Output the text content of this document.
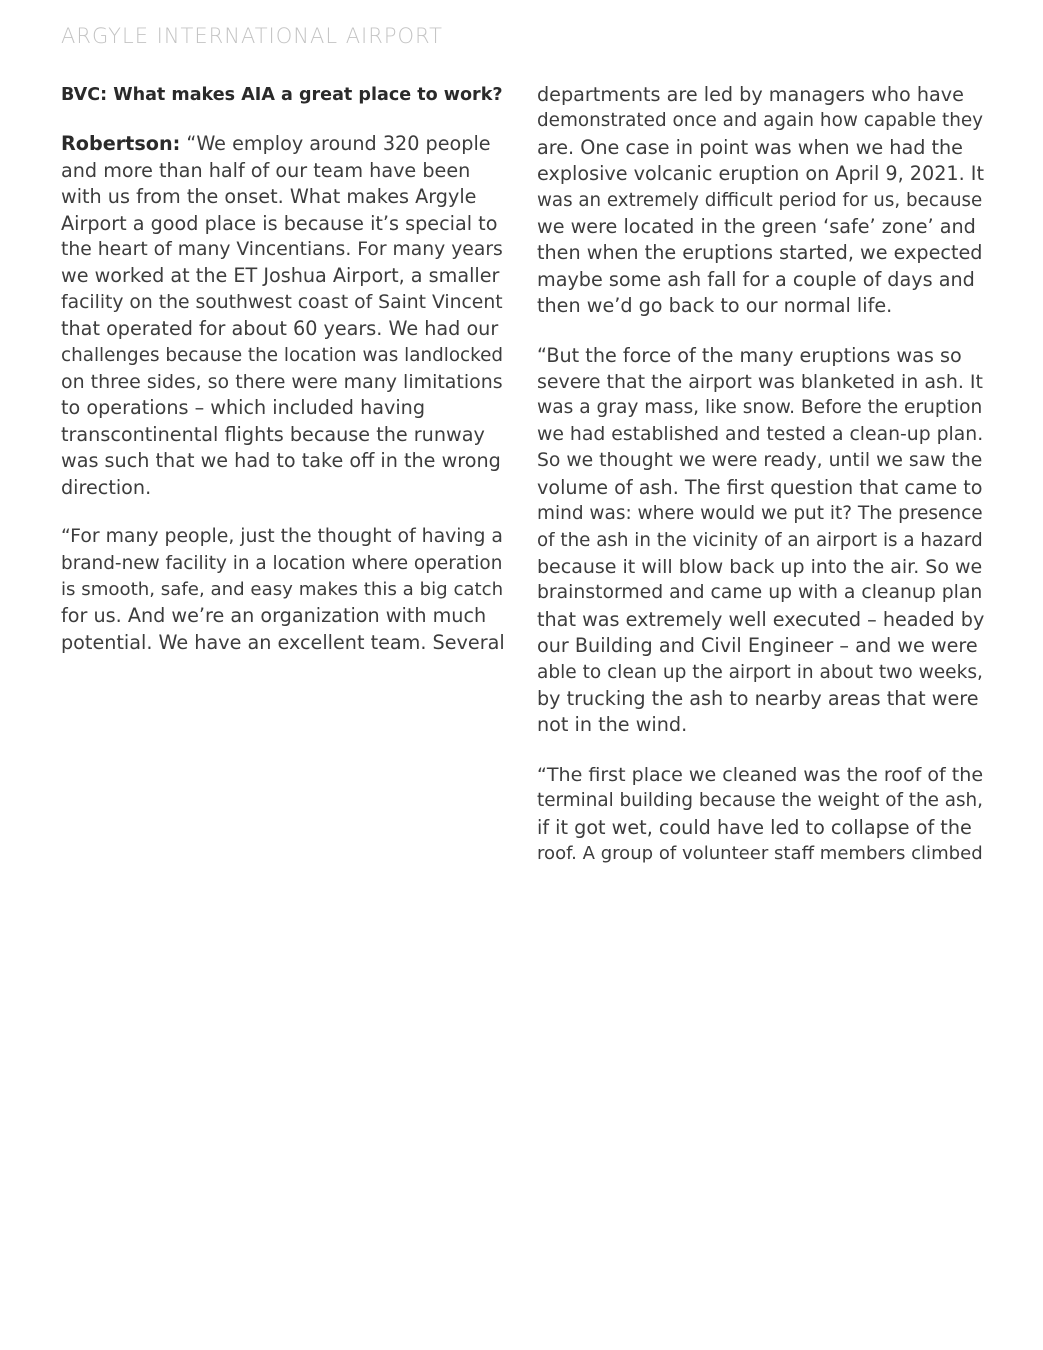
ARGYLE INTERNATIONAL AIRPORT
BVC: What makes AIA a great place to work?
Robertson: “We employ around 320 people
and more than half of our team have been
with us from the onset. What makes Argyle
Airport a good place is because it’s special to
the heart of many Vincentians. For many years
we worked at the ET Joshua Airport, a smaller
facility on the southwest coast of Saint Vincent
that operated for about 60 years. We had our
challenges because the location was landlocked
on three sides, so there were many limitations
to operations – which included having
transcontinental flights because the runway
was such that we had to take off in the wrong
direction.
“For many people, just the thought of having a
brand-new facility in a location where operation
is smooth, safe, and easy makes this a big catch
for us. And we’re an organization with much
potential. We have an excellent team. Several
departments are led by managers who have
demonstrated once and again how capable they
are. One case in point was when we had the
explosive volcanic eruption on April 9, 2021. It
was an extremely difficult period for us, because
we were located in the green ‘safe’ zone’ and
then when the eruptions started, we expected
maybe some ash fall for a couple of days and
then we’d go back to our normal life.
“But the force of the many eruptions was so
severe that the airport was blanketed in ash. It
was a gray mass, like snow. Before the eruption
we had established and tested a clean-up plan.
So we thought we were ready, until we saw the
volume of ash. The first question that came to
mind was: where would we put it? The presence
of the ash in the vicinity of an airport is a hazard
because it will blow back up into the air. So we
brainstormed and came up with a cleanup plan
that was extremely well executed – headed by
our Building and Civil Engineer – and we were
able to clean up the airport in about two weeks,
by trucking the ash to nearby areas that were
not in the wind.
“The first place we cleaned was the roof of the
terminal building because the weight of the ash,
if it got wet, could have led to collapse of the
roof. A group of volunteer staff members climbed
